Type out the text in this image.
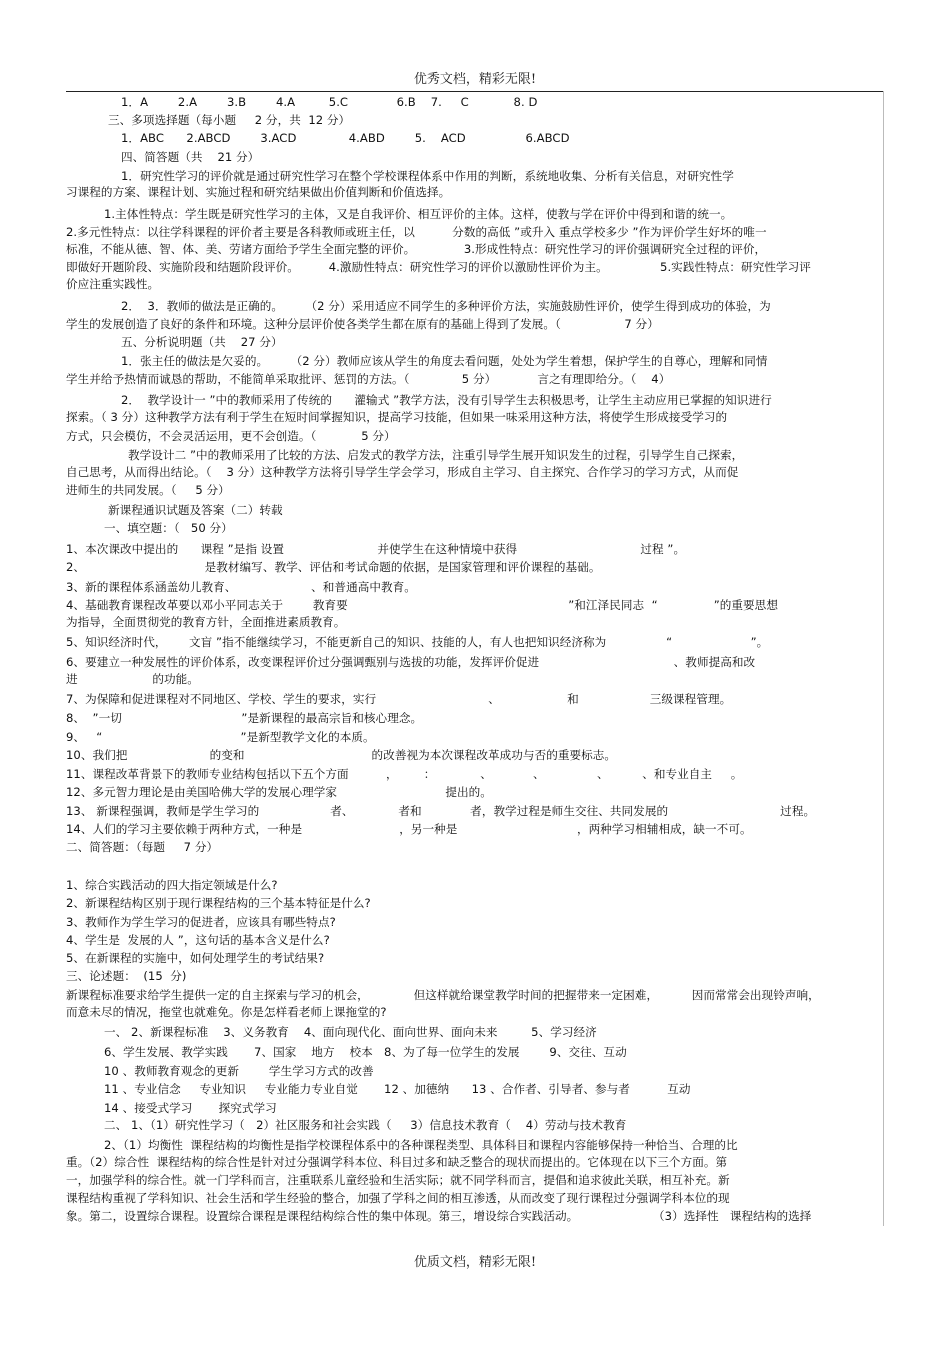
优秀文档，精彩无限!
1．A        2.A        3.B        4.A         5.C             6.B    7.     C            8. D
三、多项选择题（每小题     2 分，共  12 分）
1．ABC      2.ABCD        3.ACD              4.ABD        5.    ACD                6.ABCD
四、简答题（共    21 分）
1．研究性学习的评价就是通过研究性学习在整个学校课程体系中作用的判断，系统地收集、分析有关信息，对研究性学
习课程的方案、课程计划、实施过程和研究结果做出价值判断和价值选择。
1.主体性特点：学生既是研究性学习的主体，又是自我评价、相互评价的主体。这样，使教与学在评价中得到和谐的统一。
2.多元性特点：以往学科课程的评价者主要是各科教师或班主任，以          分数的高低 ”或升入 重点学校多少 ”作为评价学生好坏的唯一
标准，不能从德、智、体、美、劳诸方面给予学生全面完整的评价。             3.形成性特点：研究性学习的评价强调研究全过程的评价，
即做好开题阶段、实施阶段和结题阶段评价。        4.激励性特点：研究性学习的评价以激励性评价为主。              5.实践性特点：研究性学习评
价应注重实践性。
2．  3．教师的做法是正确的。      （2 分）采用适应不同学生的多种评价方法，实施鼓励性评价，使学生得到成功的体验，为
学生的发展创造了良好的条件和环境。这种分层评价使各类学生都在原有的基础上得到了发展。（                 7 分）
五、分析说明题（共    27 分）
1．张主任的做法是欠妥的。      （2 分）教师应该从学生的角度去看问题，处处为学生着想，保护学生的自尊心，理解和同情
学生并给予热情而诚恳的帮助，不能简单采取批评、惩罚的方法。（              5 分）           言之有理即给分。（    4）
2．  教学设计一 ”中的教师采用了传统的      灌输式 ”教学方法，没有引导学生去积极思考，让学生主动应用已掌握的知识进行
探索。（ 3 分）这种教学方法有利于学生在短时间掌握知识，提高学习技能，但如果一味采用这种方法，将使学生形成接受学习的
方式，只会模仿，不会灵活运用，更不会创造。（            5 分）
教学设计二 ”中的教师采用了比较的方法、启发式的教学方法，注重引导学生展开知识发生的过程，引导学生自己探索，
自己思考，从而得出结论。（    3 分）这种教学方法将引导学生学会学习，形成自主学习、自主探究、合作学习的学习方式，从而促
进师生的共同发展。（     5 分）
新课程通识试题及答案（二）转载
一、填空题：（   50 分）
1、本次课改中提出的      课程 ”是指 设置                         并使学生在这种情境中获得                                 过程 ”。
2、                                是教材编写、教学、评估和考试命题的依据，是国家管理和评价课程的基础。
3、新的课程体系涵盖幼儿教育、                    、和普通高中教育。
4、基础教育课程改革要以邓小平同志关于        教育要                                                           ”和江泽民同志  “               ”的重要思想
为指导，全面贯彻党的教育方针，全面推进素质教育。
5、知识经济时代，      文盲 ”指不能继续学习，不能更新自己的知识、技能的人，有人也把知识经济称为                “                     ”。
6、要建立一种发展性的评价体系，改变课程评价过分强调甄别与选拔的功能，发挥评价促进                                    、教师提高和改
进                    的功能。
7、为保障和促进课程对不同地区、学校、学生的要求，实行                              、                  和                   三级课程管理。
8、  ”一切                                ”是新课程的最高宗旨和核心理念。
9、   “                                     ”是新型教学文化的本质。
10、我们把                      的变和                                  的改善视为本次课程改革成功与否的重要标志。
11、课程改革背景下的教师专业结构包括以下五个方面          ，       ：            、           、              、         、和专业自主     。
12、多元智力理论是由美国哈佛大学的发展心理学家                             提出的。
13、 新课程强调，教师是学生学习的                   者、            者和             者，教学过程是师生交往、共同发展的                              过程。
14、人们的学习主要依赖于两种方式，一种是                          ，另一种是                                ，两种学习相辅相成，缺一不可。
二、简答题：（每题     7 分）
1、综合实践活动的四大指定领域是什么?
2、新课程结构区别于现行课程结构的三个基本特征是什么?
3、教师作为学生学习的促进者，应该具有哪些特点?
4、学生是  发展的人 ”，这句话的基本含义是什么?
5、在新课程的实施中，如何处理学生的考试结果?
三、论述题：  (15  分)
新课程标准要求给学生提供一定的自主探索与学习的机会，            但这样就给课堂教学时间的把握带来一定困难，         因而常常会出现铃声响，
而意未尽的情况，拖堂也就难免。你是怎样看老师上课拖堂的?
一、 2、新课程标准    3、义务教育    4、面向现代化、面向世界、面向未来         5、学习经济
6、学生发展、教学实践       7、国家    地方    校本   8、为了每一位学生的发展        9、交往、互动
10 、教师教育观念的更新        学生学习方式的改善
11 、专业信念     专业知识     专业能力专业自觉       12 、加德纳      13 、合作者、引导者、参与者          互动
14 、接受式学习       探究式学习
二、 1、（1）研究性学习（   2）社区服务和社会实践（     3）信息技术教育（    4）劳动与技术教育
2、（1）均衡性  课程结构的均衡性是指学校课程体系中的各种课程类型、具体科目和课程内容能够保持一种恰当、合理的比
重。（2）综合性  课程结构的综合性是针对过分强调学科本位、科目过多和缺乏整合的现状而提出的。它体现在以下三个方面。第
一，加强学科的综合性。就一门学科而言，注重联系儿童经验和生活实际；就不同学科而言，提倡和追求彼此关联，相互补充。新
课程结构重视了学科知识、社会生活和学生经验的整合，加强了学科之间的相互渗透，从而改变了现行课程过分强调学科本位的现
象。第二，设置综合课程。设置综合课程是课程结构综合性的集中体现。第三，增设综合实践活动。                    （3）选择性   课程结构的选择
优质文档，精彩无限!
